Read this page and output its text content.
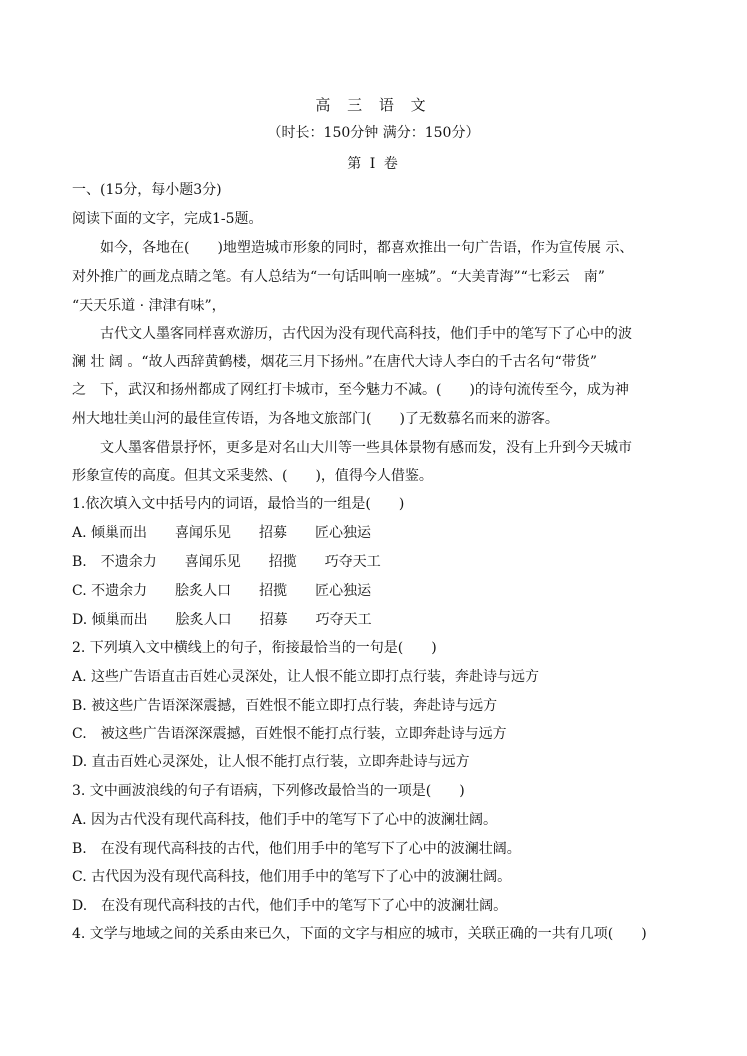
高 三 语 文
（时长：150分钟 满分：150分）
第 I 卷
一、(15分，每小题3分)
阅读下面的文字，完成1-5题。
如今，各地在(　　)地塑造城市形象的同时，都喜欢推出一句广告语，作为宣传展 示、
对外推广的画龙点睛之笔。有人总结为“一句话叫响一座城”。“大美青海”“七彩云　南”
“天天乐道 · 津津有味”，
古代文人墨客同样喜欢游历，古代因为没有现代高科技，他们手中的笔写下了心中的波
澜 壮 阔 。“故人西辞黄鹤楼，烟花三月下扬州。”在唐代大诗人李白的千古名句“带货”
之　下，武汉和扬州都成了网红打卡城市，至今魅力不减。(　　)的诗句流传至今，成为神
州大地壮美山河的最佳宣传语，为各地文旅部门(　　)了无数慕名而来的游客。
文人墨客借景抒怀，更多是对名山大川等一些具体景物有感而发，没有上升到今天城市
形象宣传的高度。但其文采斐然、(　　)，值得今人借鉴。
1.依次填入文中括号内的词语，最恰当的一组是(　　)
A. 倾巢而出　　喜闻乐见　　招募　　匠心独运
B.　不遗余力　　喜闻乐见　　招揽　　巧夺天工
C. 不遗余力　　脍炙人口　　招揽　　匠心独运
D. 倾巢而出　　脍炙人口　　招募　　巧夺天工
2. 下列填入文中横线上的句子，衔接最恰当的一句是(　　)
A. 这些广告语直击百姓心灵深处，让人恨不能立即打点行装，奔赴诗与远方
B. 被这些广告语深深震撼，百姓恨不能立即打点行装，奔赴诗与远方
C.　被这些广告语深深震撼，百姓恨不能打点行装，立即奔赴诗与远方
D. 直击百姓心灵深处，让人恨不能打点行装，立即奔赴诗与远方
3. 文中画波浪线的句子有语病，下列修改最恰当的一项是(　　)
A. 因为古代没有现代高科技，他们手中的笔写下了心中的波澜壮阔。
B.　在没有现代高科技的古代，他们用手中的笔写下了心中的波澜壮阔。
C. 古代因为没有现代高科技，他们用手中的笔写下了心中的波澜壮阔。
D.　在没有现代高科技的古代，他们手中的笔写下了心中的波澜壮阔。
4. 文学与地域之间的关系由来已久，下面的文字与相应的城市，关联正确的一共有几项(　　)
